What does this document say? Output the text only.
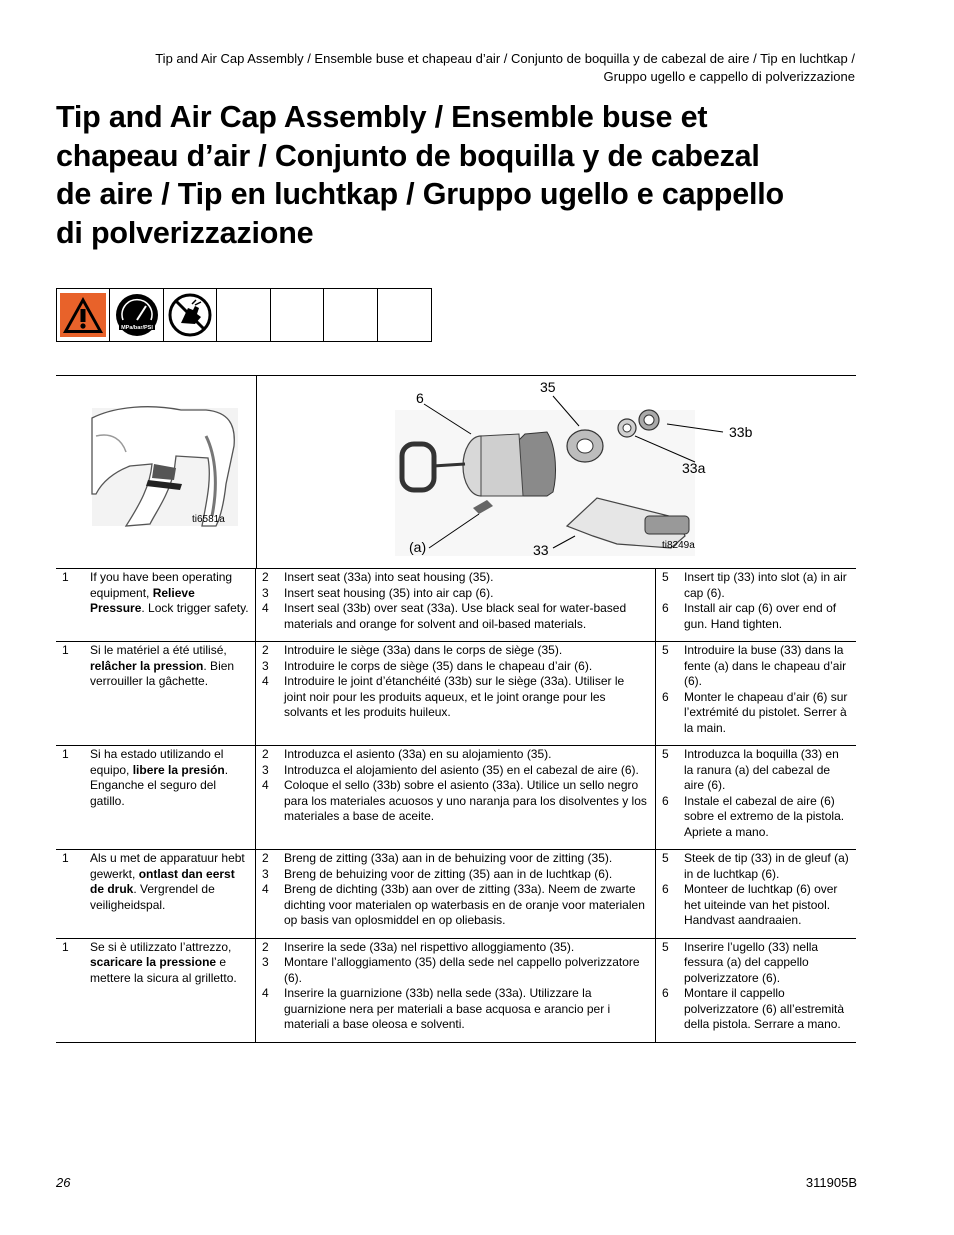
Tip and Air Cap Assembly / Ensemble buse et chapeau d’air / Conjunto de boquilla y de cabezal de aire / Tip en luchtkap /
Gruppo ugello e cappello di polverizzazione
Tip and Air Cap Assembly / Ensemble buse et
chapeau d’air / Conjunto de boquilla y de cabezal
de aire / Tip en luchtkap / Gruppo ugello e cappello
di polverizzazione
MPa/bar/PSI
ti6581a
6
35
33b
33a
(a)	33	ti8249a
1	If you have been operating equipment, Relieve Pressure. Lock trigger safety.
2	Insert seat (33a) into seat housing (35).
3	Insert seat housing (35) into air cap (6).
4	Insert seal (33b) over seat (33a). Use black seal for water-based materials and orange for solvent and oil-based materials.
5	Insert tip (33) into slot (a) in air cap (6).
6	Install air cap (6) over end of gun. Hand tighten.
1	Si le matériel a été utilisé, relâcher la pression. Bien verrouiller la gâchette.
2	Introduire le siège (33a) dans le corps de siège (35).
3	Introduire le corps de siège (35) dans le chapeau d’air (6).
4	Introduire le joint d’étanchéité (33b) sur le siège (33a). Utiliser le joint noir pour les produits aqueux, et le joint orange pour les solvants et les produits huileux.
5	Introduire la buse (33) dans la fente (a) dans le chapeau d’air (6).
6	Monter le chapeau d’air (6) sur l’extrémité du pistolet. Serrer à la main.
1	Si ha estado utilizando el equipo, libere la presión. Enganche el seguro del gatillo.
2	Introduzca el asiento (33a) en su alojamiento (35).
3	Introduzca el alojamiento del asiento (35) en el cabezal de aire (6).
4	Coloque el sello (33b) sobre el asiento (33a). Utilice un sello negro para los materiales acuosos y uno naranja para los disolventes y los materiales a base de aceite.
5	Introduzca la boquilla (33) en la ranura (a) del cabezal de aire (6).
6	Instale el cabezal de aire (6) sobre el extremo de la pistola. Apriete a mano.
1	Als u met de apparatuur hebt gewerkt, ontlast dan eerst de druk. Vergrendel de veiligheidspal.
2	Breng de zitting (33a) aan in de behuizing voor de zitting (35).
3	Breng de behuizing voor de zitting (35) aan in de luchtkap (6).
4	Breng de dichting (33b) aan over de zitting (33a). Neem de zwarte dichting voor materialen op waterbasis en de oranje voor materialen op basis van oplosmiddel en op oliebasis.
5	Steek de tip (33) in de gleuf (a) in de luchtkap (6).
6	Monteer de luchtkap (6) over het uiteinde van het pistool. Handvast aandraaien.
1	Se si è utilizzato l’attrezzo, scaricare la pressione e mettere la sicura al grilletto.
2	Inserire la sede (33a) nel rispettivo alloggiamento (35).
3	Montare l’alloggiamento (35) della sede nel cappello polverizzatore (6).
4	Inserire la guarnizione (33b) nella sede (33a). Utilizzare la guarnizione nera per materiali a base acquosa e arancio per i materiali a base oleosa e solventi.
5	Inserire l’ugello (33) nella fessura (a) del cappello polverizzatore (6).
6	Montare il cappello polverizzatore (6) all’estremità della pistola. Serrare a mano.
26	311905B
